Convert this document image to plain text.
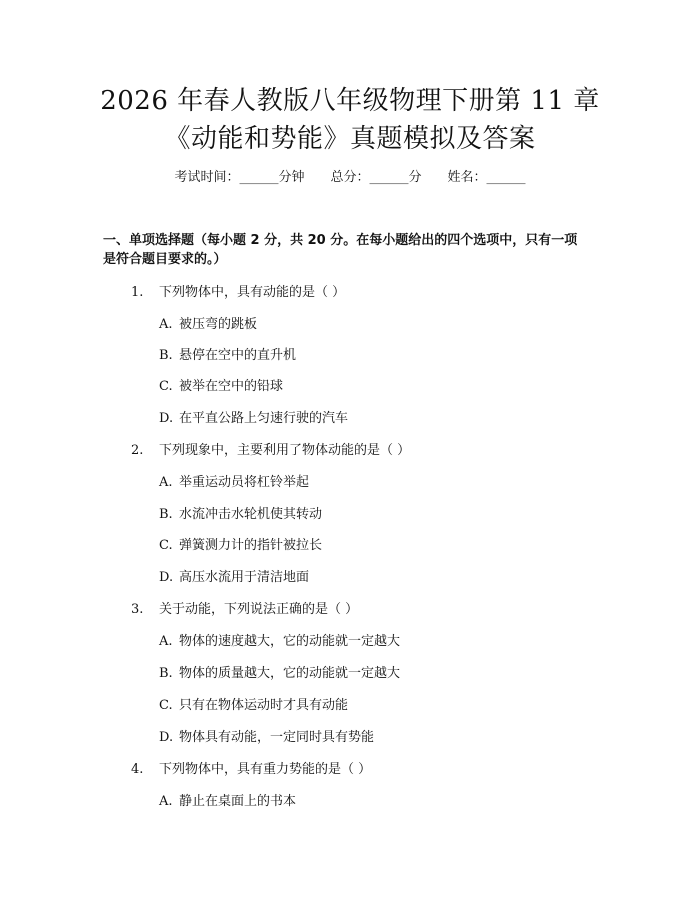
2026 年春人教版八年级物理下册第 11 章
《动能和势能》真题模拟及答案
考试时间：______分钟 总分：______分 姓名：______
一、单项选择题（每小题 2 分，共 20 分。在每小题给出的四个选项中，只有一项
是符合题目要求的。）
1. 下列物体中，具有动能的是（ ）
A. 被压弯的跳板
B. 悬停在空中的直升机
C. 被举在空中的铅球
D. 在平直公路上匀速行驶的汽车
2. 下列现象中，主要利用了物体动能的是（ ）
A. 举重运动员将杠铃举起
B. 水流冲击水轮机使其转动
C. 弹簧测力计的指针被拉长
D. 高压水流用于清洁地面
3. 关于动能，下列说法正确的是（ ）
A. 物体的速度越大，它的动能就一定越大
B. 物体的质量越大，它的动能就一定越大
C. 只有在物体运动时才具有动能
D. 物体具有动能，一定同时具有势能
4. 下列物体中，具有重力势能的是（ ）
A. 静止在桌面上的书本
